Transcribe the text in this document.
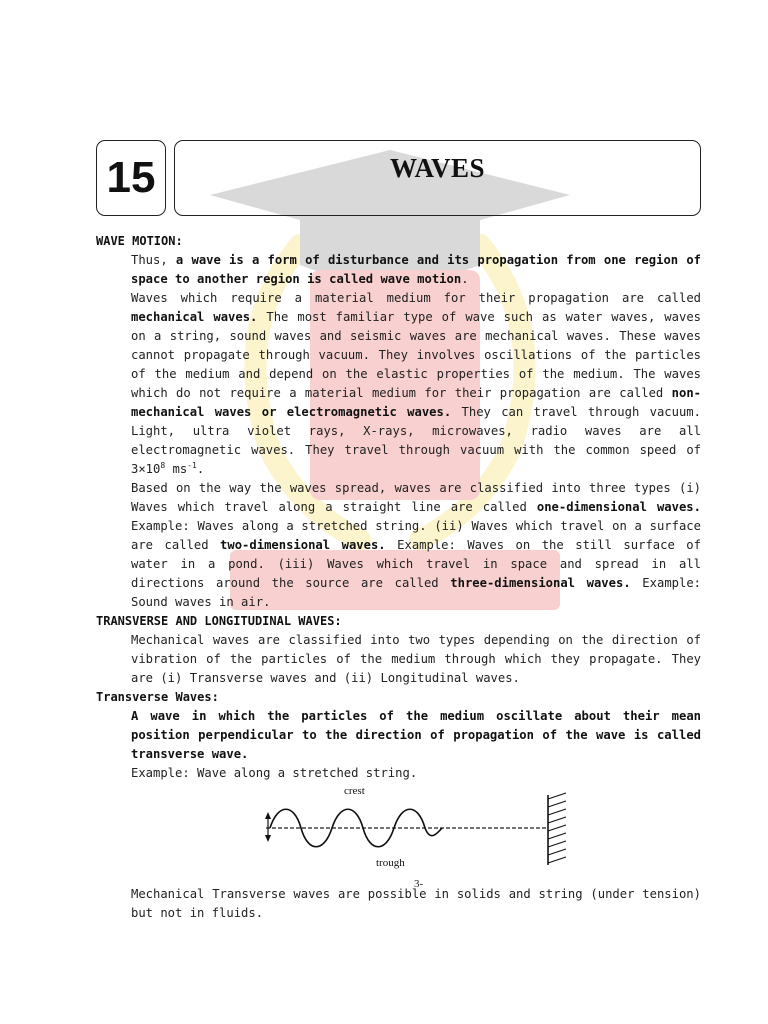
15	WAVES

WAVE MOTION:

Thus, a wave is a form of disturbance and its propagation from one region of space to another region is called wave motion.

Waves which require a material medium for their propagation are called mechanical waves. The most familiar type of wave such as water waves, waves on a string, sound waves and seismic waves are mechanical waves. These waves cannot propagate through vacuum. They involves oscillations of the particles of the medium and depend on the elastic properties of the medium. The waves which do not require a material medium for their propagation are called non-mechanical waves or electromagnetic waves. They can travel through vacuum. Light, ultra violet rays, X-rays, microwaves, radio waves are all electromagnetic waves. They travel through vacuum with the common speed of $3\times 10^8$ $ms^{-1}$.

Based on the way the waves spread, waves are classified into three types (i) Waves which travel along a straight line are called one-dimensional waves. Example: Waves along a stretched string. (ii) Waves which travel on a surface are called two-dimensional waves. Example: Waves on the still surface of water in a pond. (iii) Waves which travel in space and spread in all directions around the source are called three-dimensional waves. Example: Sound waves in air.

TRANSVERSE AND LONGITUDINAL WAVES:

Mechanical waves are classified into two types depending on the direction of vibration of the particles of the medium through which they propagate. They are (i) Transverse waves and (ii) Longitudinal waves.

Transverse Waves:

A wave in which the particles of the medium oscillate about their mean position perpendicular to the direction of propagation of the wave is called transverse wave.

Example: Wave along a stretched string.

crest
trough

Mechanical Transverse waves are possible in solids and string (under tension) but not in fluids.

3-
